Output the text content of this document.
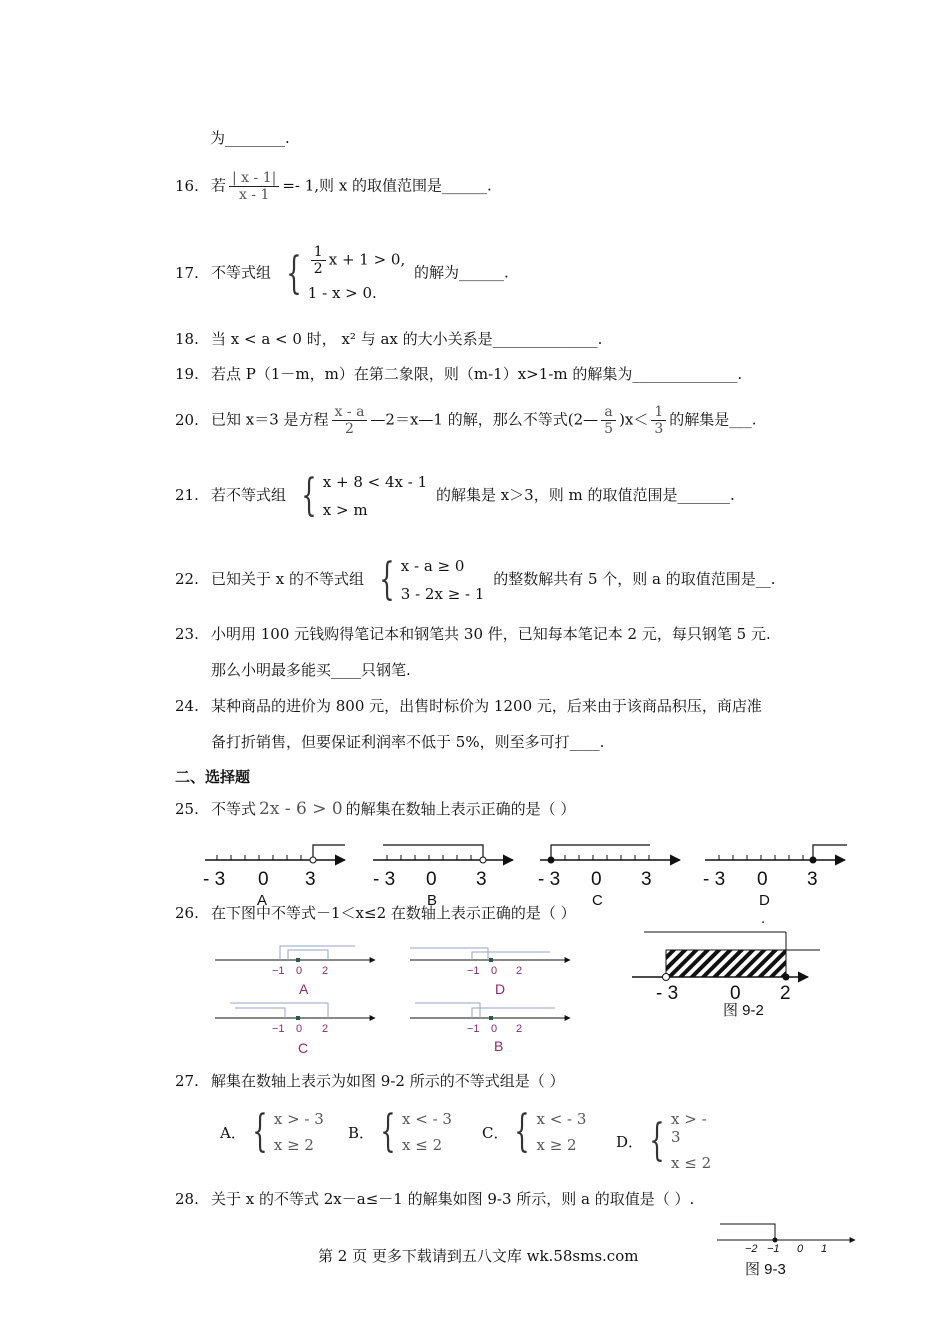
为________.
16. 若 $\frac{| x - 1|}{x - 1} =- 1$,则 x 的取值范围是______.
17. 不等式组 { $\frac{1}{2}$ x + 1 > 0,
1 - x > 0.
的解为______.
18. 当 x < a < 0 时， x² 与 ax 的大小关系是______________.
19. 若点 P（1－m，m）在第二象限，则（m-1）x>1-m 的解集为______________.
20. 已知 x＝3 是方程 $\frac{x - a}{2}$ —2＝x—1 的解，那么不等式(2— $\frac{a}{5} )x< \frac{1}{3}$ 的解集是___.
21. 若不等式组 { x + 8 < 4x - 1
x > m
的解集是 x＞3，则 m 的取值范围是_______.
22. 已知关于 x 的不等式组 { x - a ≥ 0
3 - 2x ≥ - 1
的整数解共有 5 个，则 a 的取值范围是__.
23. 小明用 100 元钱购得笔记本和钢笔共 30 件，已知每本笔记本 2 元，每只钢笔 5 元.
那么小明最多能买____只钢笔.
24. 某种商品的进价为 800 元，出售时标价为 1200 元，后来由于该商品积压，商店准
备打折销售，但要保证利润率不低于 5%，则至多可打____.
二、选择题
25. 不等式 2x - 6 > 0 的解集在数轴上表示正确的是（ ）
- 3 0 3	- 3 0 3	- 3 0 3	- 3 0 3
A	B	C	D
.
26. 在下图中不等式－1＜x≤2 在数轴上表示正确的是（ ）
−1 0 2	−1 0 2
−1 0 2	−1 0 2
A	D
C	B
- 3	0 2
图 9-2
27. 解集在数轴上表示为如图 9-2 所示的不等式组是（ ）
A． { x > - 3
x ≥ 2
B． { x < - 3
x ≤ 2
C． { x < - 3
x ≥ 2	D． { x > - 3
x ≤ 2
28. 关于 x 的不等式 2x－a≤－1 的解集如图 9-3 所示，则 a 的取值是（ ）.
−2 −1 0 1
图 9-3
第 2 页 更多下载请到五八文库 wk.58sms.com
